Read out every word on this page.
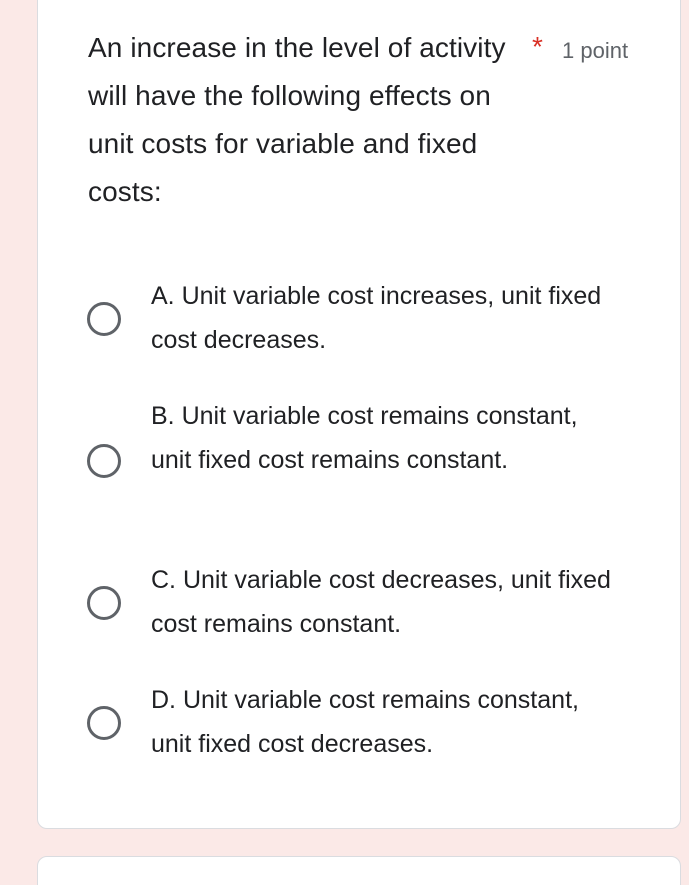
An increase in the level of activity will have the following effects on unit costs for variable and fixed costs:
* 1 point
A. Unit variable cost increases, unit fixed cost decreases.
B. Unit variable cost remains constant, unit fixed cost remains constant.
C. Unit variable cost decreases, unit fixed cost remains constant.
D. Unit variable cost remains constant, unit fixed cost decreases.
